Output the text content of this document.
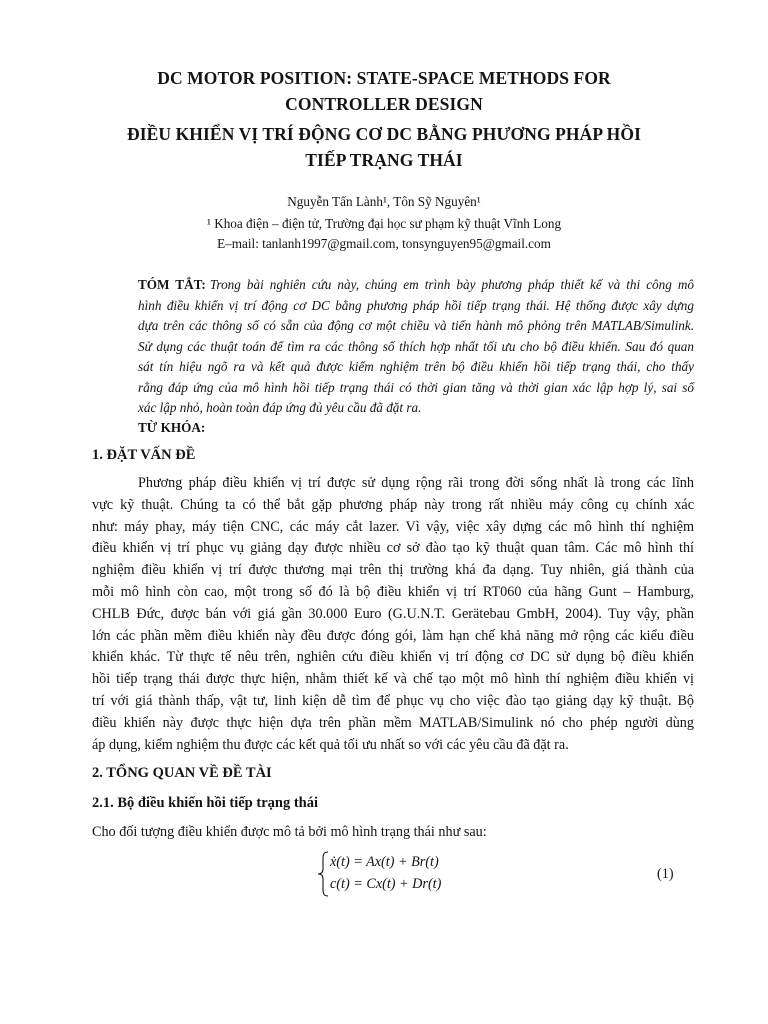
DC MOTOR POSITION: STATE-SPACE METHODS FOR
CONTROLLER DESIGN
ĐIỀU KHIỂN VỊ TRÍ ĐỘNG CƠ DC BẰNG PHƯƠNG PHÁP HỒI
TIẾP TRẠNG THÁI
Nguyễn Tấn Lành¹, Tôn Sỹ Nguyên¹
¹ Khoa điện – điện tử, Trường đại học sư phạm kỹ thuật Vĩnh Long
E–mail: tanlanh1997@gmail.com, tonsynguyen95@gmail.com
TÓM TẮT: Trong bài nghiên cứu này, chúng em trình bày phương pháp thiết kế và thi công mô
hình điều khiển vị trí động cơ DC bằng phương pháp hồi tiếp trạng thái. Hệ thống được xây dựng
dựa trên các thông số có sẵn của động cơ một chiều và tiến hành mô phỏng trên MATLAB/Simulink.
Sử dụng các thuật toán để tìm ra các thông số thích hợp nhất tối ưu cho bộ điều khiển. Sau đó quan
sát tín hiệu ngõ ra và kết quả được kiểm nghiệm trên bộ điều khiển hồi tiếp trạng thái, cho thấy
rằng đáp ứng của mô hình hồi tiếp trạng thái có thời gian tăng và thời gian xác lập hợp lý, sai số
xác lập nhỏ, hoàn toàn đáp ứng đủ yêu cầu đã đặt ra.
TỪ KHÓA:
1. ĐẶT VẤN ĐỀ
Phương pháp điều khiển vị trí được sử dụng rộng rãi trong đời sống nhất là trong các lĩnh
vực kỹ thuật. Chúng ta có thể bắt gặp phương pháp này trong rất nhiều máy công cụ chính xác
như: máy phay, máy tiện CNC, các máy cắt lazer. Vì vậy, việc xây dựng các mô hình thí nghiệm
điều khiển vị trí phục vụ giảng dạy được nhiều cơ sở đào tạo kỹ thuật quan tâm. Các mô hình thí
nghiệm điều khiển vị trí được thương mại trên thị trường khá đa dạng. Tuy nhiên, giá thành của
mỗi mô hình còn cao, một trong số đó là bộ điều khiển vị trí RT060 của hãng Gunt – Hamburg,
CHLB Đức, được bán với giá gần 30.000 Euro (G.U.N.T. Gerätebau GmbH, 2004). Tuy vậy, phần
lớn các phần mềm điều khiển này đều được đóng gói, làm hạn chế khả năng mở rộng các kiểu điều
khiển khác. Từ thực tế nêu trên, nghiên cứu điều khiển vị trí động cơ DC sử dụng bộ điều khiển
hồi tiếp trạng thái được thực hiện, nhằm thiết kế và chế tạo một mô hình thí nghiệm điều khiển vị
trí với giá thành thấp, vật tư, linh kiện dễ tìm để phục vụ cho việc đào tạo giảng dạy kỹ thuật. Bộ
điều khiển này được thực hiện dựa trên phần mềm MATLAB/Simulink nó cho phép người dùng
áp dụng, kiểm nghiệm thu được các kết quả tối ưu nhất so với các yêu cầu đã đặt ra.
2. TỔNG QUAN VỀ ĐỀ TÀI
2.1. Bộ điều khiển hồi tiếp trạng thái
Cho đối tượng điều khiển được mô tả bởi mô hình trạng thái như sau:
ẋ(t) = Ax(t) + Br(t)
c(t) = Cx(t) + Dr(t)
(1)
